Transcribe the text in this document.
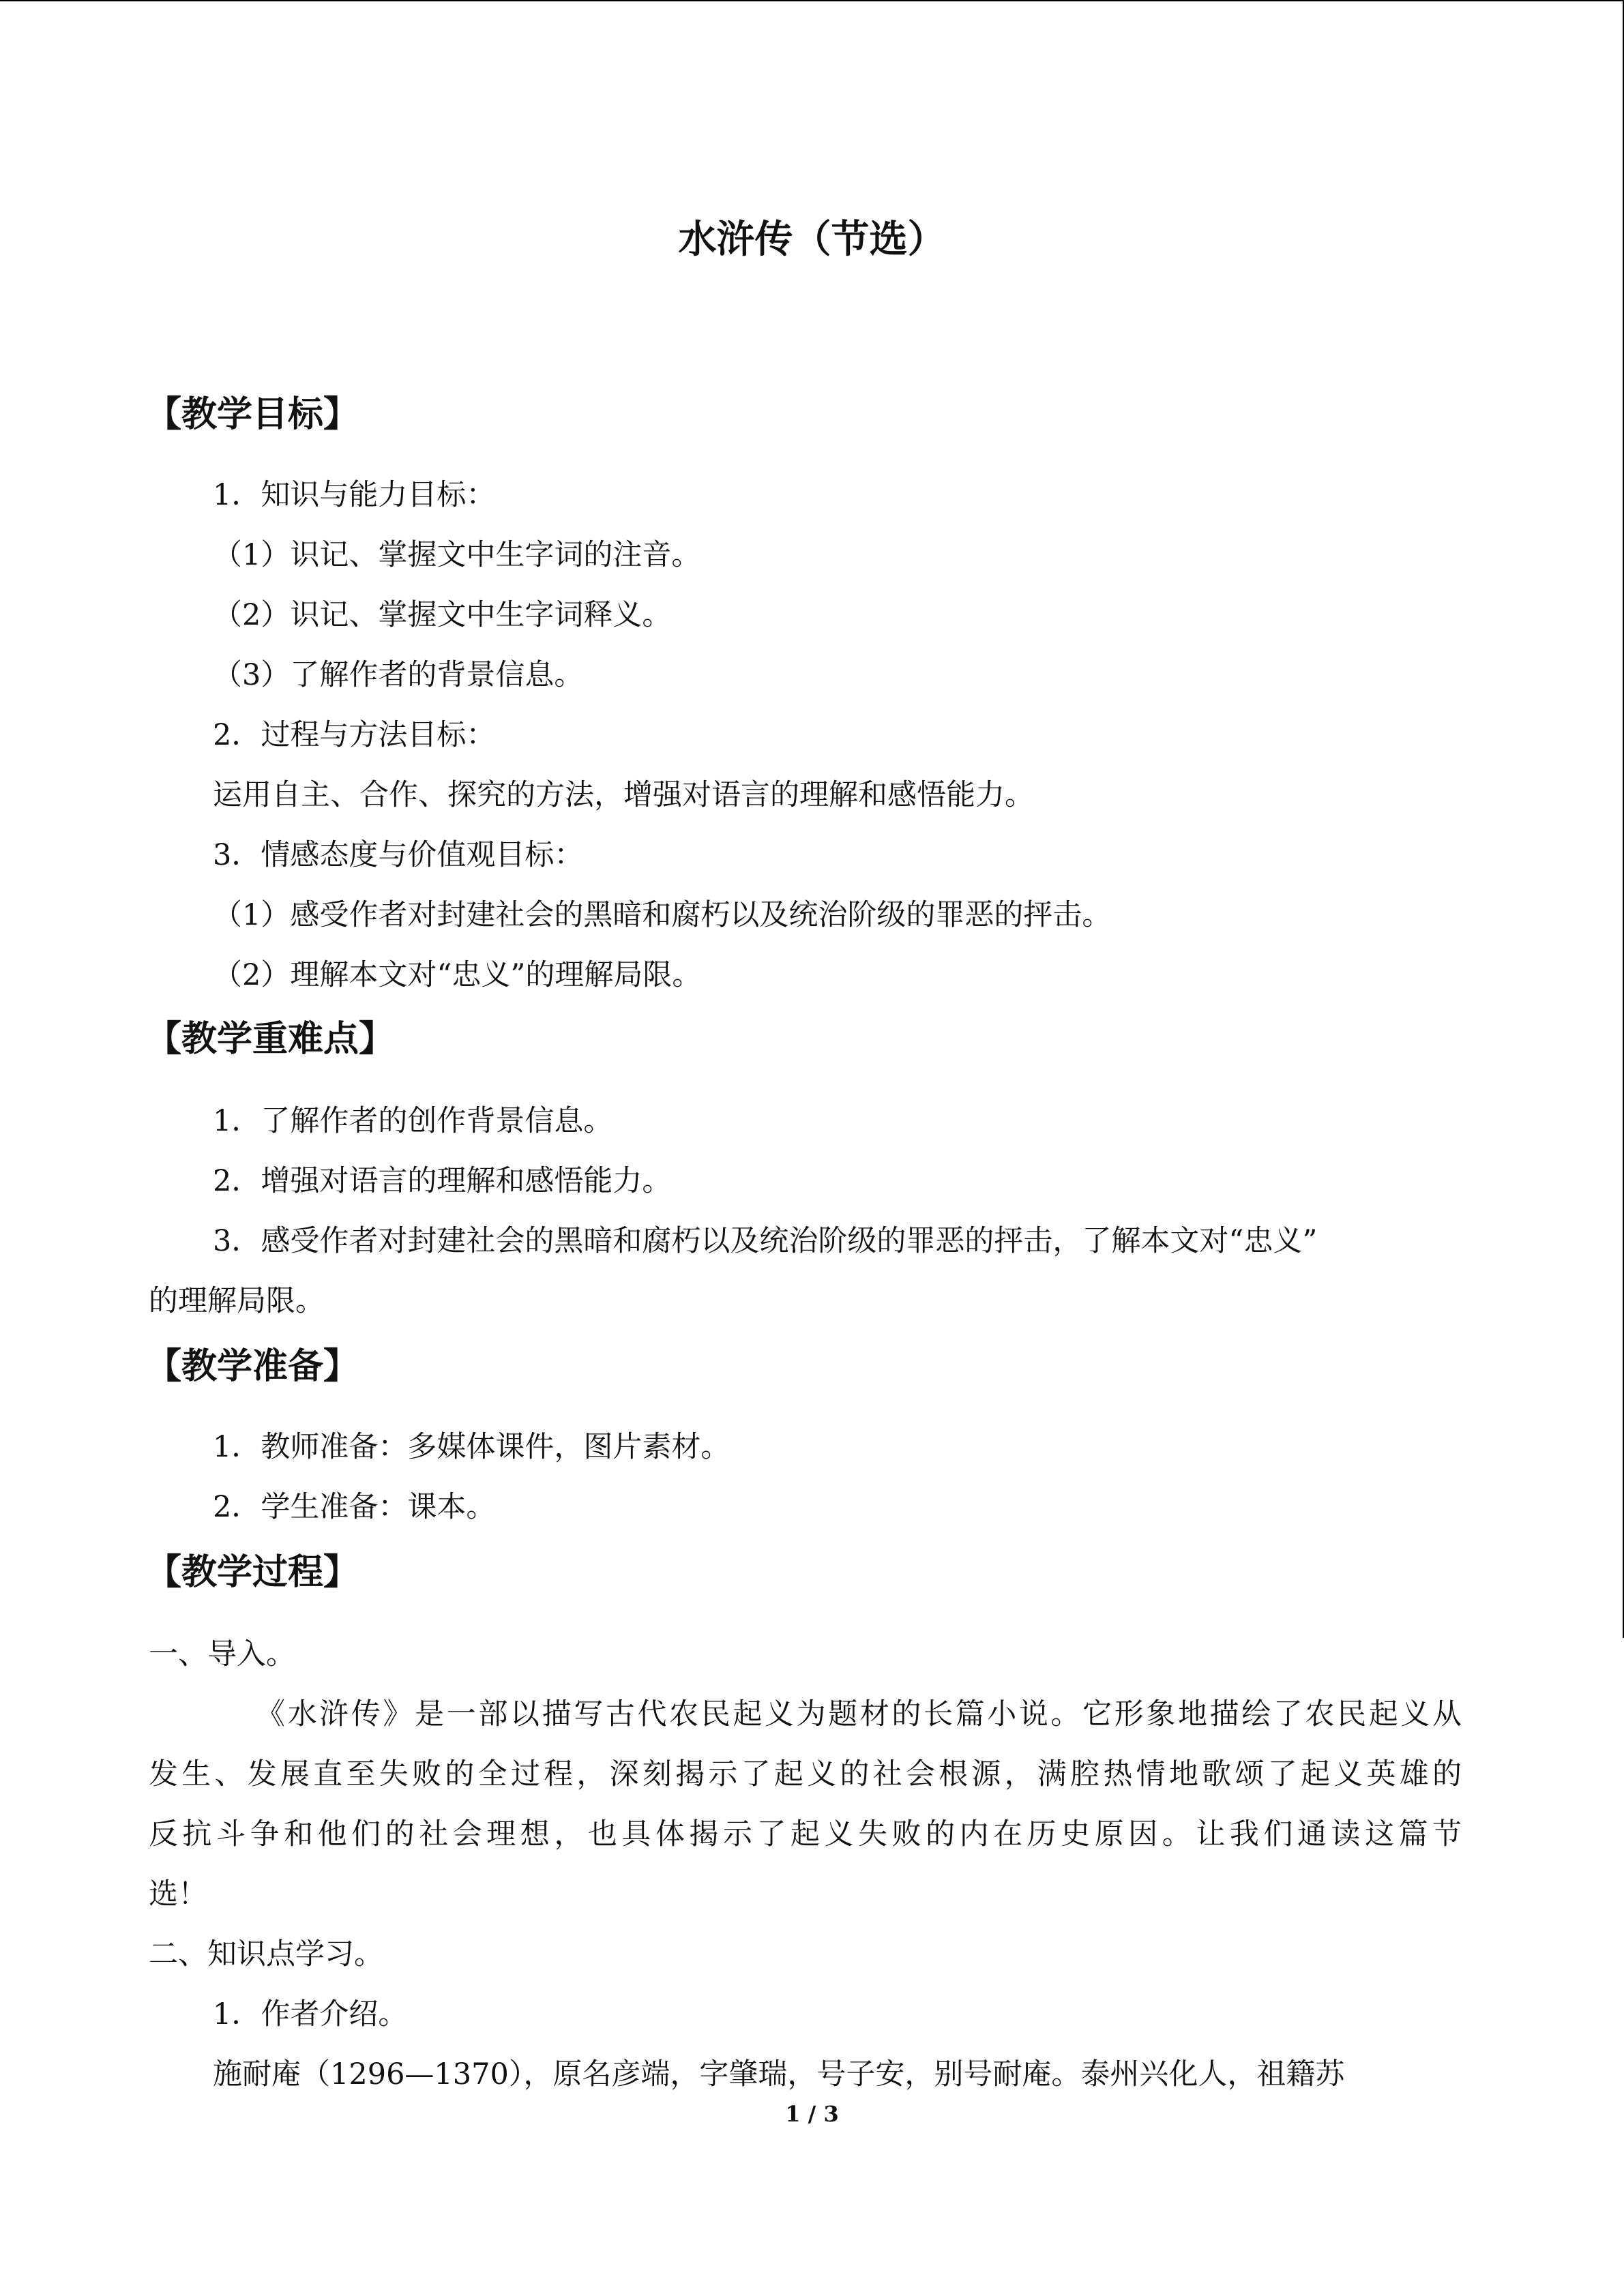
水浒传（节选）
【教学目标】
1．知识与能力目标：
（1）识记、掌握文中生字词的注音。
（2）识记、掌握文中生字词释义。
（3）了解作者的背景信息。
2．过程与方法目标：
运用自主、合作、探究的方法，增强对语言的理解和感悟能力。
3．情感态度与价值观目标：
（1）感受作者对封建社会的黑暗和腐朽以及统治阶级的罪恶的抨击。
（2）理解本文对“忠义”的理解局限。
【教学重难点】
1．了解作者的创作背景信息。
2．增强对语言的理解和感悟能力。
3．感受作者对封建社会的黑暗和腐朽以及统治阶级的罪恶的抨击，了解本文对“忠义”
的理解局限。
【教学准备】
1．教师准备：多媒体课件，图片素材。
2．学生准备：课本。
【教学过程】
一、导入。
《水浒传》是一部以描写古代农民起义为题材的长篇小说。它形象地描绘了农民起义从
发生、发展直至失败的全过程，深刻揭示了起义的社会根源，满腔热情地歌颂了起义英雄的
反抗斗争和他们的社会理想，也具体揭示了起义失败的内在历史原因。让我们通读这篇节
选！
二、知识点学习。
1．作者介绍。
施耐庵（1296—1370），原名彦端，字肇瑞，号子安，别号耐庵。泰州兴化人，祖籍苏
1 / 3
